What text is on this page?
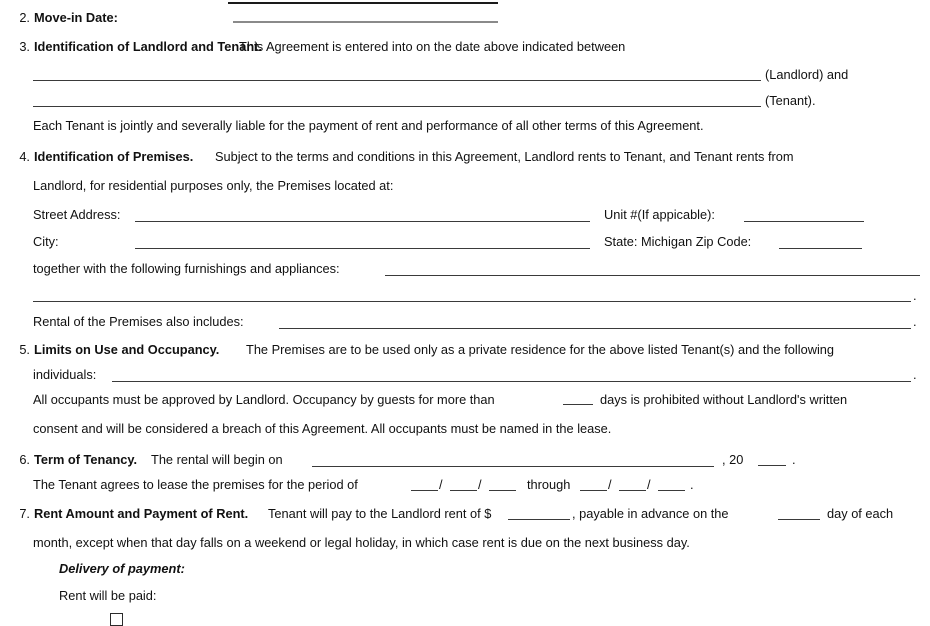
2. Move-in Date:
3. Identification of Landlord and Tenant.
This Agreement is entered into on the date above indicated between
(Landlord) and
(Tenant).
Each Tenant is jointly and severally liable for the payment of rent and performance of all other terms of this Agreement.
4. Identification of Premises. Subject to the terms and conditions in this Agreement, Landlord rents to Tenant, and Tenant rents from
Landlord, for residential purposes only, the Premises located at:
Street Address:	Unit #(If appicable):
City:	State: Michigan Zip Code:
together with the following furnishings and appliances:
.
Rental of the Premises also includes:	.
5. Limits on Use and Occupancy. The Premises are to be used only as a private residence for the above listed Tenant(s) and the following
individuals:	.
All occupants must be approved by Landlord. Occupancy by guests for more than	days is prohibited without Landlord's written
consent and will be considered a breach of this Agreement. All occupants must be named in the lease.
6. Term of Tenancy. The rental will begin on	, 20	.
The Tenant agrees to lease the premises for the period of	/	/	through	/	/	.
7. Rent Amount and Payment of Rent. Tenant will pay to the Landlord rent of $	, payable in advance on the	day of each
month, except when that day falls on a weekend or legal holiday, in which case rent is due on the next business day.
Delivery of payment:
Rent will be paid:
